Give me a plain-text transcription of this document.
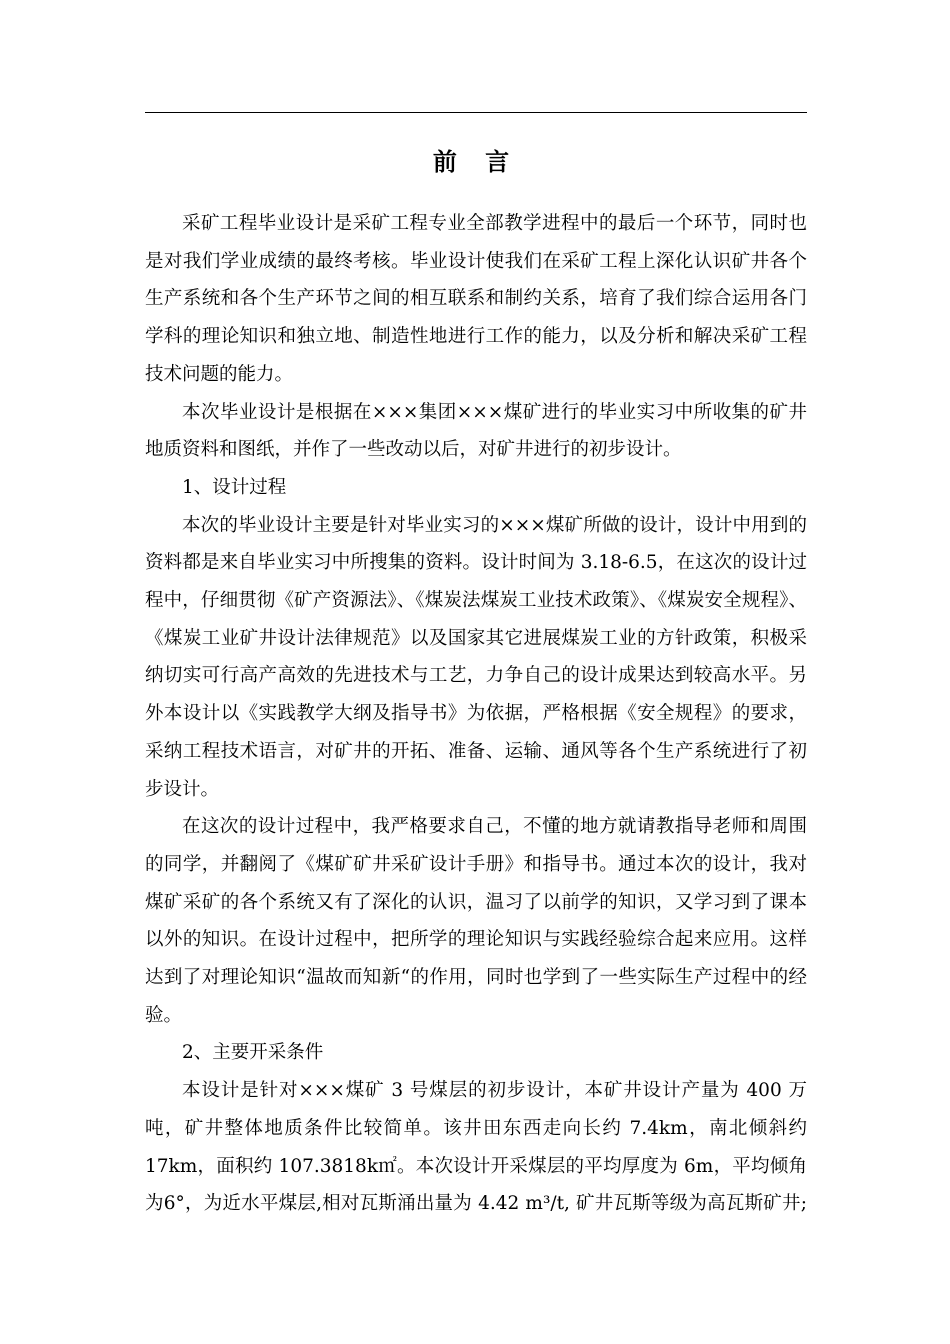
前 言

采矿工程毕业设计是采矿工程专业全部教学进程中的最后一个环节，同时也是对我们学业成绩的最终考核。毕业设计使我们在采矿工程上深化认识矿井各个生产系统和各个生产环节之间的相互联系和制约关系，培育了我们综合运用各门学科的理论知识和独立地、制造性地进行工作的能力，以及分析和解决采矿工程技术问题的能力。

本次毕业设计是根据在×××集团×××煤矿进行的毕业实习中所收集的矿井地质资料和图纸，并作了一些改动以后，对矿井进行的初步设计。

1、设计过程

本次的毕业设计主要是针对毕业实习的×××煤矿所做的设计，设计中用到的资料都是来自毕业实习中所搜集的资料。设计时间为 3.18-6.5，在这次的设计过程中，仔细贯彻《矿产资源法》、《煤炭法煤炭工业技术政策》、《煤炭安全规程》、《煤炭工业矿井设计法律规范》以及国家其它进展煤炭工业的方针政策，积极采纳切实可行高产高效的先进技术与工艺，力争自己的设计成果达到较高水平。另外本设计以《实践教学大纲及指导书》为依据，严格根据《安全规程》的要求，采纳工程技术语言，对矿井的开拓、准备、运输、通风等各个生产系统进行了初步设计。

在这次的设计过程中，我严格要求自己，不懂的地方就请教指导老师和周围的同学，并翻阅了《煤矿矿井采矿设计手册》和指导书。通过本次的设计，我对煤矿采矿的各个系统又有了深化的认识，温习了以前学的知识，又学习到了课本以外的知识。在设计过程中，把所学的理论知识与实践经验综合起来应用。这样达到了对理论知识“温故而知新“的作用，同时也学到了一些实际生产过程中的经验。

2、主要开采条件

本设计是针对×××煤矿 3 号煤层的初步设计，本矿井设计产量为 400 万吨，矿井整体地质条件比较简单。该井田东西走向长约 7.4km，南北倾斜约17km，面积约 107.3818k㎡。本次设计开采煤层的平均厚度为 6m，平均倾角为6°，为近水平煤层,相对瓦斯涌出量为 4.42 m³/t, 矿井瓦斯等级为高瓦斯矿井;
